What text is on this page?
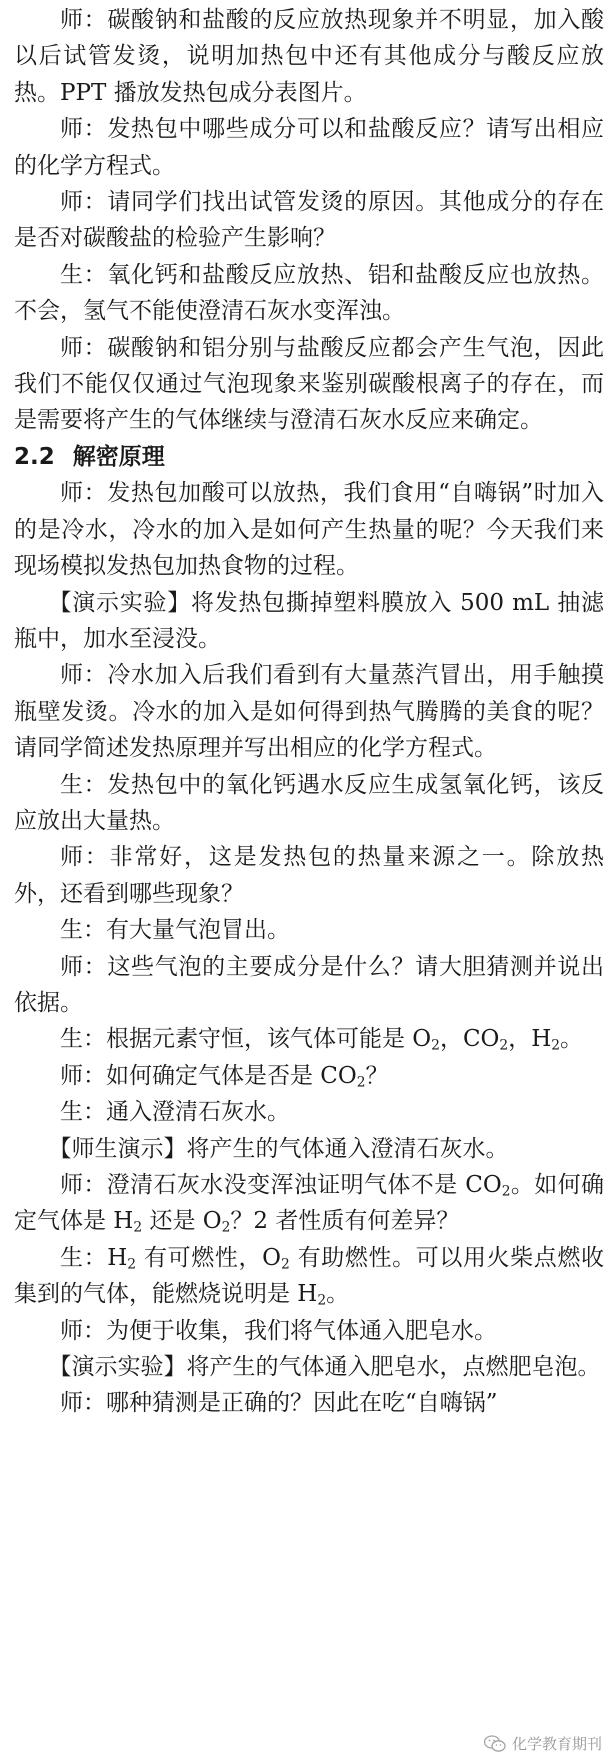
师：碳酸钠和盐酸的反应放热现象并不明显，加入酸以后试管发烫，说明加热包中还有其他成分与酸反应放热。PPT 播放发热包成分表图片。

师：发热包中哪些成分可以和盐酸反应？请写出相应的化学方程式。

师：请同学们找出试管发烫的原因。其他成分的存在是否对碳酸盐的检验产生影响？

生：氧化钙和盐酸反应放热、铝和盐酸反应也放热。不会，氢气不能使澄清石灰水变浑浊。

师：碳酸钠和铝分别与盐酸反应都会产生气泡，因此我们不能仅仅通过气泡现象来鉴别碳酸根离子的存在，而是需要将产生的气体继续与澄清石灰水反应来确定。

2.2 解密原理

师：发热包加酸可以放热，我们食用“自嗨锅”时加入的是冷水，冷水的加入是如何产生热量的呢？今天我们来现场模拟发热包加热食物的过程。

【演示实验】将发热包撕掉塑料膜放入 500 mL 抽滤瓶中，加水至浸没。

师：冷水加入后我们看到有大量蒸汽冒出，用手触摸瓶壁发烫。冷水的加入是如何得到热气腾腾的美食的呢？请同学简述发热原理并写出相应的化学方程式。

生：发热包中的氧化钙遇水反应生成氢氧化钙，该反应放出大量热。

师：非常好，这是发热包的热量来源之一。除放热外，还看到哪些现象？

生：有大量气泡冒出。

师：这些气泡的主要成分是什么？请大胆猜测并说出依据。

生：根据元素守恒，该气体可能是 $O_2$，$CO_2$，$H_2$。

师：如何确定气体是否是 $CO_2$？

生：通入澄清石灰水。

【师生演示】将产生的气体通入澄清石灰水。

师：澄清石灰水没变浑浊证明气体不是 $CO_2$。如何确定气体是 $H_2$ 还是 $O_2$？2 者性质有何差异？

生：$H_2$ 有可燃性，$O_2$ 有助燃性。可以用火柴点燃收集到的气体，能燃烧说明是 $H_2$。

师：为便于收集，我们将气体通入肥皂水。

【演示实验】将产生的气体通入肥皂水，点燃肥皂泡。

师：哪种猜测是正确的？因此在吃“自嗨锅”

化学教育期刊
